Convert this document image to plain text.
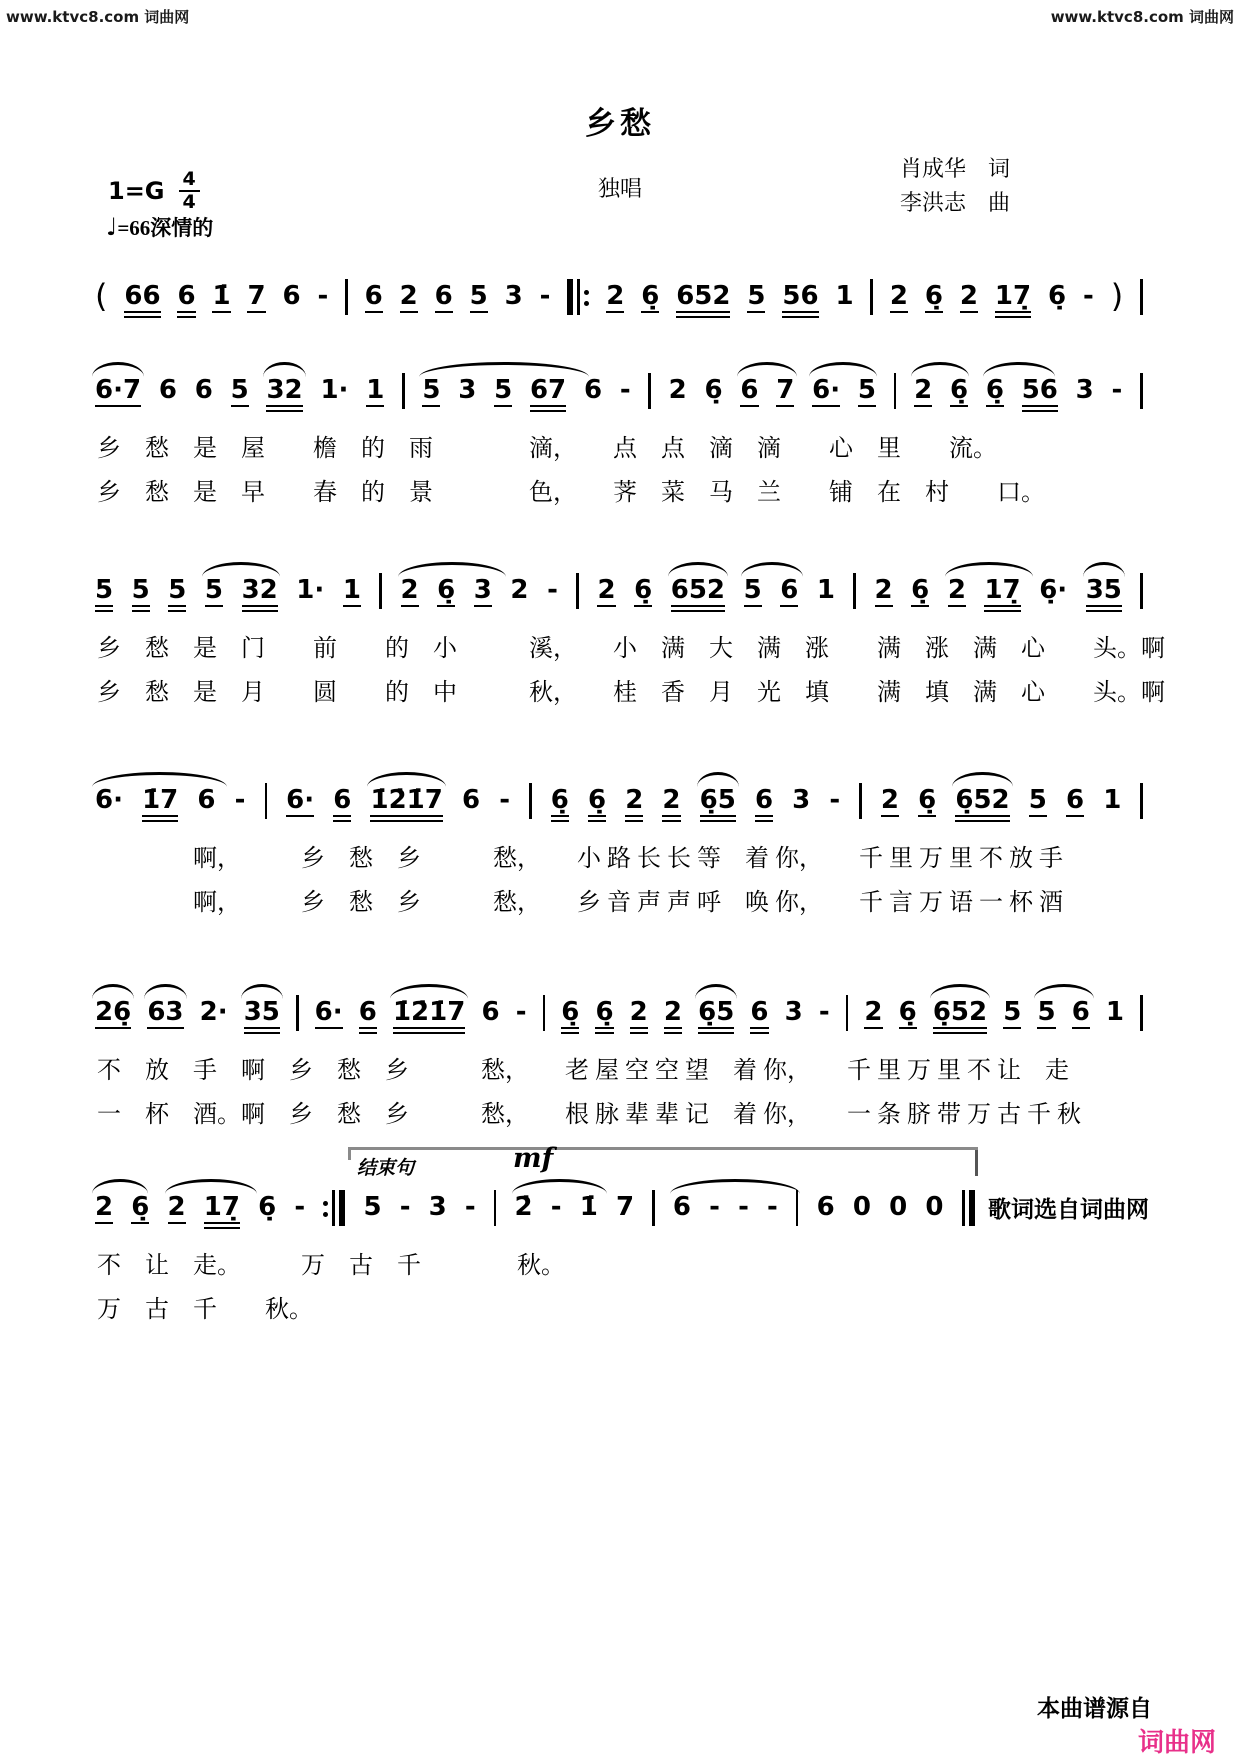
www.ktvc8.com 词曲网	www.ktvc8.com 词曲网
乡愁
独唱
肖成华　词
李洪志　曲
$1=G \frac{4}{4}$
♩=66深情的
( 66 6 1̇ 7 6 - 6 2 6 5 3 - 2 6̣ 652 5 56 1 2 6̣ 2 17̣ 6̣ - )
6·7 6 6 5 32 1· 1 5 3 5 67 6 - 2 6̣ 6 7 6· 5 2 6̣ 6̣ 56 3 -
乡　愁　是　屋　　檐　的　雨　　　　滴，　　点　点　滴　滴　　心　里　　流。
乡　愁　是　早　　春　的　景　　　　色，　　荠　菜　马　兰　　铺　在　村　　口。
5 5 5 5 32 1· 1 2 6̣ 3 2 - 2 6̣ 652 5 6 1 2 6̣ 2 17̣ 6̣· 35
乡　愁　是　门　　前　　的　小　　　溪，　　小　满　大　满　涨　　满　涨　满　心　　头。啊
乡　愁　是　月　　圆　　的　中　　　秋，　　桂　香　月　光　填　　满　填　满　心　　头。啊
6· 1̇7 6 - 6· 6 1̇2̇1̇7 6 - 6̣ 6̣ 2 2 6̣5 6 3 - 2 6̣ 6̣52 5 6 1
　　　　啊，　　　乡　愁　乡　　　愁，　　小 路 长 长 等　着 你，　　千 里 万 里 不 放 手
　　　　啊，　　　乡　愁　乡　　　愁，　　乡 音 声 声 呼　唤 你，　　千 言 万 语 一 杯 酒
26̣ 63 2· 35 6· 6 1̇2̇1̇7 6 - 6̣ 6̣ 2 2 6̣5 6 3 - 2 6̣ 6̣52 5 5 6 1
不　放　手　啊　乡　愁　乡　　　愁，　　老 屋 空 空 望　着 你，　　千 里 万 里 不 让　走
一　杯　酒。啊　乡　愁　乡　　　愁，　　根 脉 辈 辈 记　着 你，　　一 条 脐 带 万 古 千 秋
2 6̣ 2 17̣ 6̣ - 5 - 3 - 2̇ - 1̇ 7 6 - - - 6 0 0 0
结束句	mf
歌词选自词曲网
不　让　走。　　　万　古　千　　　　秋。
万　古　千　　秋。
本曲谱源自
词曲网
